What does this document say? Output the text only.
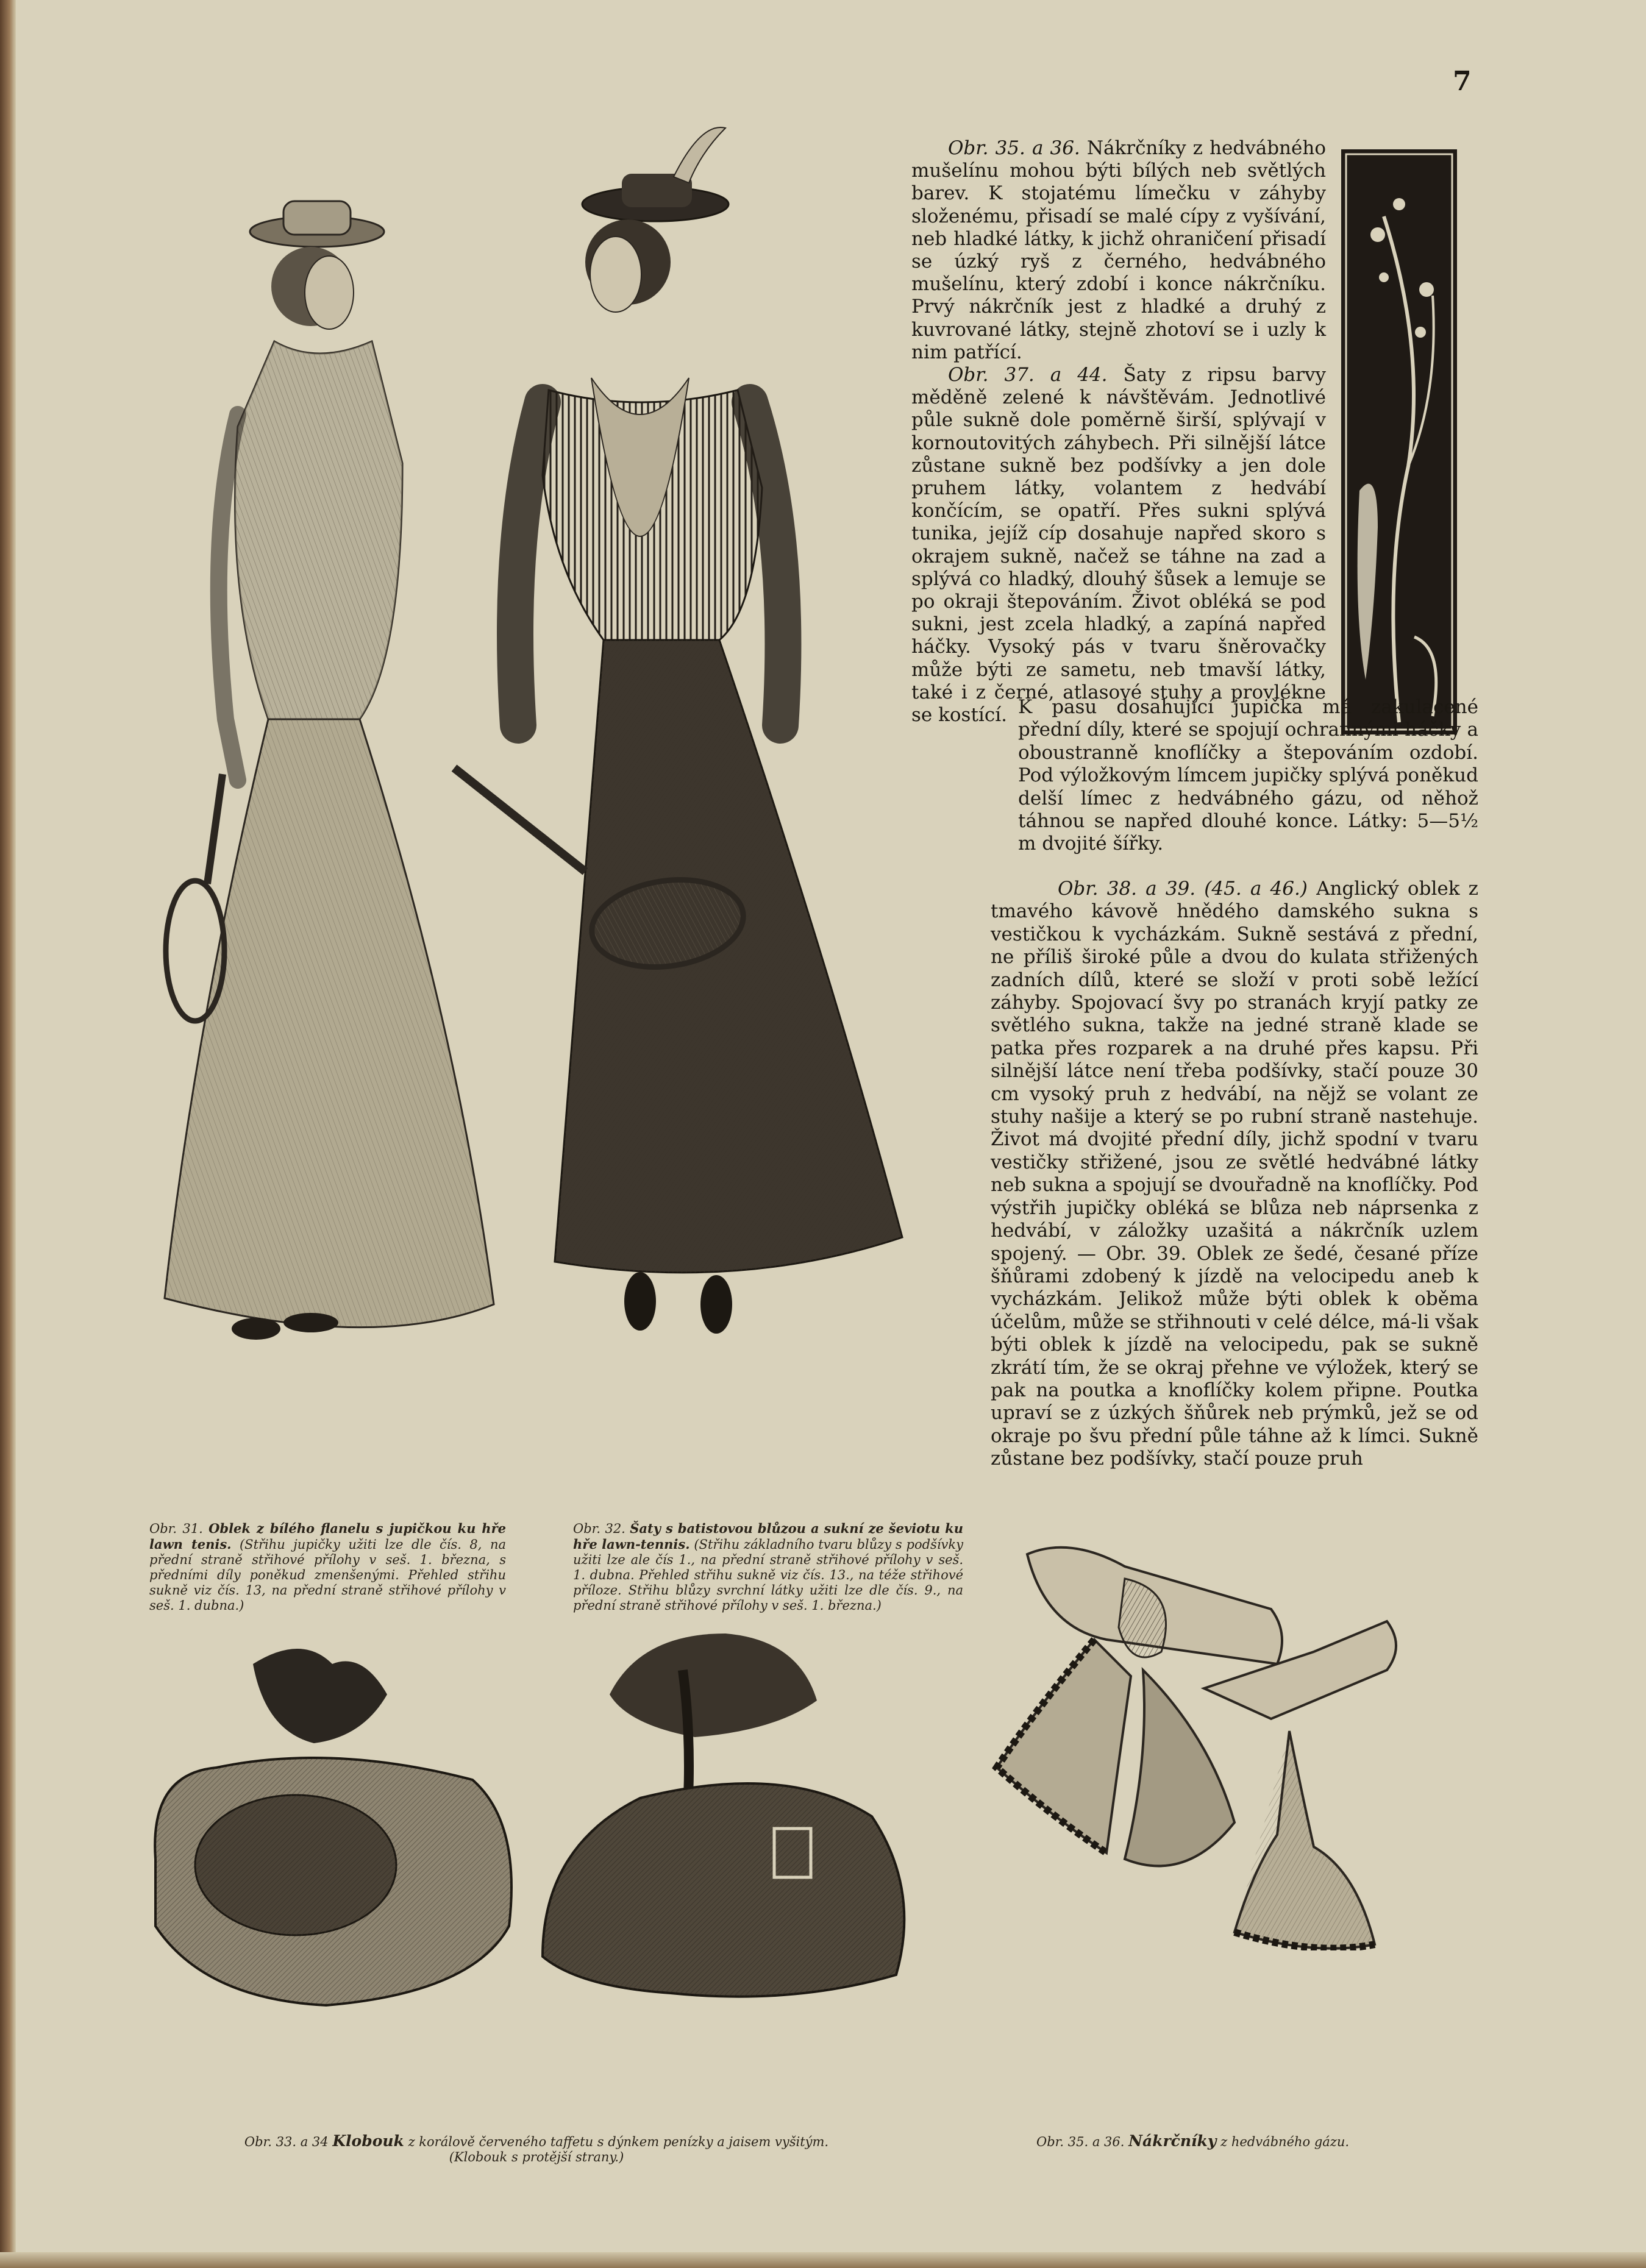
7

Obr. 35. a 36. Nákrčníky z hedvábného mušelínu mohou býti bílých neb světlých barev. K stojatému límečku v záhyby složenému, přisadí se malé cípy z vyšívání, neb hladké látky, k jichž ohraničení přisadí se úzký ryš z černého, hedvábného mušelínu, který zdobí i konce nákrčníku. Prvý nákrčník jest z hladké a druhý z kuvrované látky, stejně zhotoví se i uzly k nim patřící.

Obr. 37. a 44. Šaty z ripsu barvy měděně zelené k návštěvám. Jednotlivé půle sukně dole poměrně širší, splývají v kornoutovitých záhybech. Při silnější látce zůstane sukně bez podšívky a jen dole pruhem látky, volantem z hedvábí končícím, se opatří. Přes sukni splývá tunika, jejíž cíp dosahuje napřed skoro s okrajem sukně, načež se táhne na zad a splývá co hladký, dlouhý šůsek a lemuje se po okraji štepováním. Život obléká se pod sukni, jest zcela hladký, a zapíná napřed háčky. Vysoký pás v tvaru šněrovačky může býti ze sametu, neb tmavší látky, také i z černé, atlasové stuhy a provlékne se kostící. K pasu dosahující jupička má zakulacené přední díly, které se spojují ochrannými háčky a oboustranně knoflíčky a štepováním ozdobí. Pod výložkovým límcem jupičky splývá poněkud delší límec z hedvábného gázu, od něhož táhnou se napřed dlouhé konce. Látky: 5—5½ m dvojité šířky.

Obr. 38. a 39. (45. a 46.) Anglický oblek z tmavého kávově hnědého damského sukna s vestičkou k vycházkám. Sukně sestává z přední, ne příliš široké půle a dvou do kulata střižených zadních dílů, které se složí v proti sobě ležící záhyby. Spojovací švy po stranách kryjí patky ze světlého sukna, takže na jedné straně klade se patka přes rozparek a na druhé přes kapsu. Při silnější látce není třeba podšívky, stačí pouze 30 cm vysoký pruh z hedvábí, na nějž se volant ze stuhy našije a který se po rubní straně nastehuje. Život má dvojité přední díly, jichž spodní v tvaru vestičky střižené, jsou ze světlé hedvábné látky neb sukna a spojují se dvouřadně na knoflíčky. Pod výstřih jupičky obléká se blůza neb náprsenka z hedvábí, v záložky uzašitá a nákrčník uzlem spojený. — Obr. 39. Oblek ze šedé, česané příze šňůrami zdobený k jízdě na velocipedu aneb k vycházkám. Jelikož může býti oblek k oběma účelům, může se střihnouti v celé délce, má-li však býti oblek k jízdě na velocipedu, pak se sukně zkrátí tím, že se okraj přehne ve výložek, který se pak na poutka a knoflíčky kolem připne. Poutka upraví se z úzkých šňůrek neb prýmků, jež se od okraje po švu přední půle táhne až k límci. Sukně zůstane bez podšívky, stačí pouze pruh

Obr. 31. Oblek z bílého flanelu s jupičkou ku hře lawn tenis. (Střihu jupičky užiti lze dle čís. 8, na přední straně střihové přílohy v seš. 1. března, s předními díly poněkud zmenšenými. Přehled střihu sukně viz čís. 13, na přední straně střihové přílohy v seš. 1. dubna.)
Obr. 32. Šaty s batistovou blůzou a sukní ze ševiotu ku hře lawn-tennis. (Střihu základního tvaru blůzy s podšívky užiti lze ale čís 1., na přední straně střihové přílohy v seš. 1. dubna. Přehled střihu sukně viz čís. 13., na téže střihové příloze. Střihu blůzy svrchní látky užiti lze dle čís. 9., na přední straně střihové přílohy v seš. 1. března.)
Obr. 33. a 34 Klobouk z korálově červeného taffetu s dýnkem penízky a jaisem vyšitým.
(Klobouk s protější strany.)
Obr. 35. a 36. Nákrčníky z hedvábného gázu.
